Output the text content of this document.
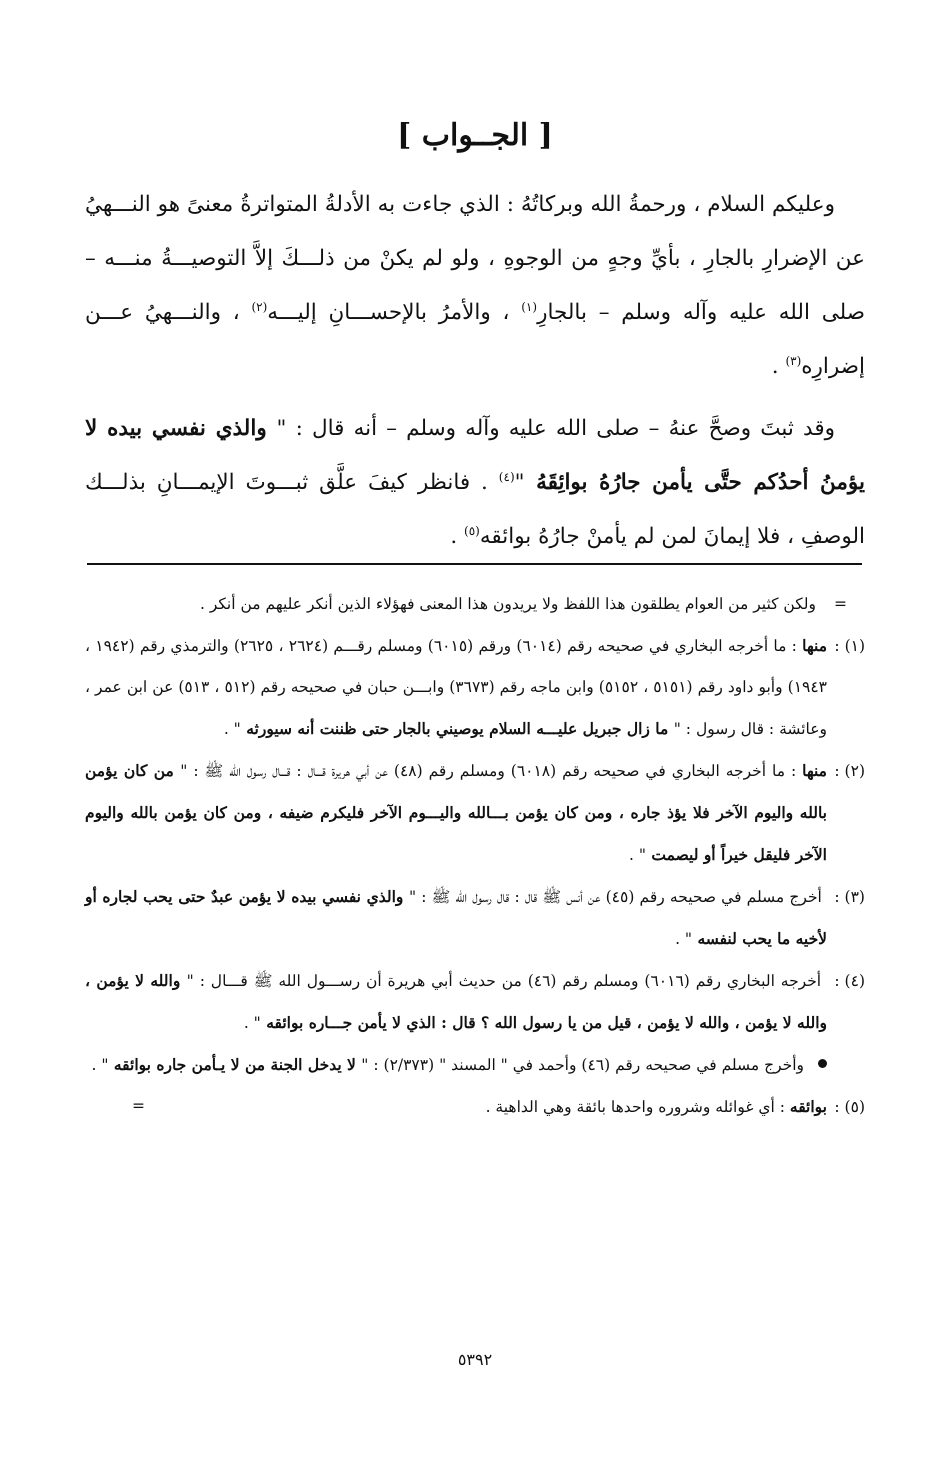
[ الجــواب ]

وعليكم السلام ، ورحمةُ الله وبركاتُهُ : الذي جاءت به الأدلةُ المتواترةُ معنىً هو النـــهيُ عن الإضرارِ بالجارِ ، بأيِّ وجهٍ من الوجوهِ ، ولو لم يكنْ من ذلـــكَ إلاَّ التوصيـــةُ منـــه – صلى الله عليه وآله وسلم – بالجارِ$^{(١)}$ ، والأمرُ بالإحســـانِ إليـــه$^{(٢)}$ ، والنـــهيُ عـــن إضرارِه$^{(٣)}$ .

وقد ثبتَ وصحَّ عنهُ – صلى الله عليه وآله وسلم – أنه قال : " والذي نفسي بيده لا يؤمنُ أحدُكم حتَّى يأمن جارُهُ بوائِقَهُ "$^{(٤)}$ . فانظر كيفَ علَّق ثبـــوتَ الإيمـــانِ بذلـــك الوصفِ ، فلا إيمانَ لمن لم يأمنْ جارُهُ بوائقه$^{(٥)}$ .

=
ولكن كثير من العوام يطلقون هذا اللفظ ولا يريدون هذا المعنى فهؤلاء الذين أنكر عليهم من أنكر .

(١) :منها : ما أخرجه البخاري في صحيحه رقم (٦٠١٤) ورقم (٦٠١٥) ومسلم رقـــم (٢٦٢٤ ، ٢٦٢٥) والترمذي رقم (١٩٤٢ ، ١٩٤٣) وأبو داود رقم (٥١٥١ ، ٥١٥٢) وابن ماجه رقم (٣٦٧٣) وابـــن حبان في صحيحه رقم (٥١٢ ، ٥١٣) عن ابن عمر ، وعائشة : قال رسول : " ما زال جبريل عليـــه السلام يوصيني بالجار حتى ظننت أنه سيورثه " .

(٢) :منها : ما أخرجه البخاري في صحيحه رقم (٦٠١٨) ومسلم رقم (٤٨) عن أبي هريرة قـــال : قـــال رسول الله ﷺ : " من كان يؤمن بالله واليوم الآخر فلا يؤذ جاره ، ومن كان يؤمن بـــالله واليـــوم الآخر فليكرم ضيفه ، ومن كان يؤمن بالله واليوم الآخر فليقل خيراً أو ليصمت " .

(٣) : أخرج مسلم في صحيحه رقم (٤٥) عن أنس ﷺ قال : قال رسول الله ﷺ : " والذي نفسي بيده لا يؤمن عبدٌ حتى يحب لجاره أو لأخيه ما يحب لنفسه " .

(٤) : أخرجه البخاري رقم (٦٠١٦) ومسلم رقم (٤٦) من حديث أبي هريرة أن رســـول الله ﷺ قـــال : " والله لا يؤمن ، والله لا يؤمن ، والله لا يؤمن ، قيل من يا رسول الله ؟ قال : الذي لا يأمن جـــاره بوائقه " .

وأخرج مسلم في صحيحه رقم (٤٦) وأحمد في " المسند " (٢/٣٧٣) : " لا يدخل الجنة من لا يـأمن جاره بوائقه " .

(٥) :بوائقه : أي غوائله وشروره واحدها بائقة وهي الداهية .
=

٥٣٩٢
